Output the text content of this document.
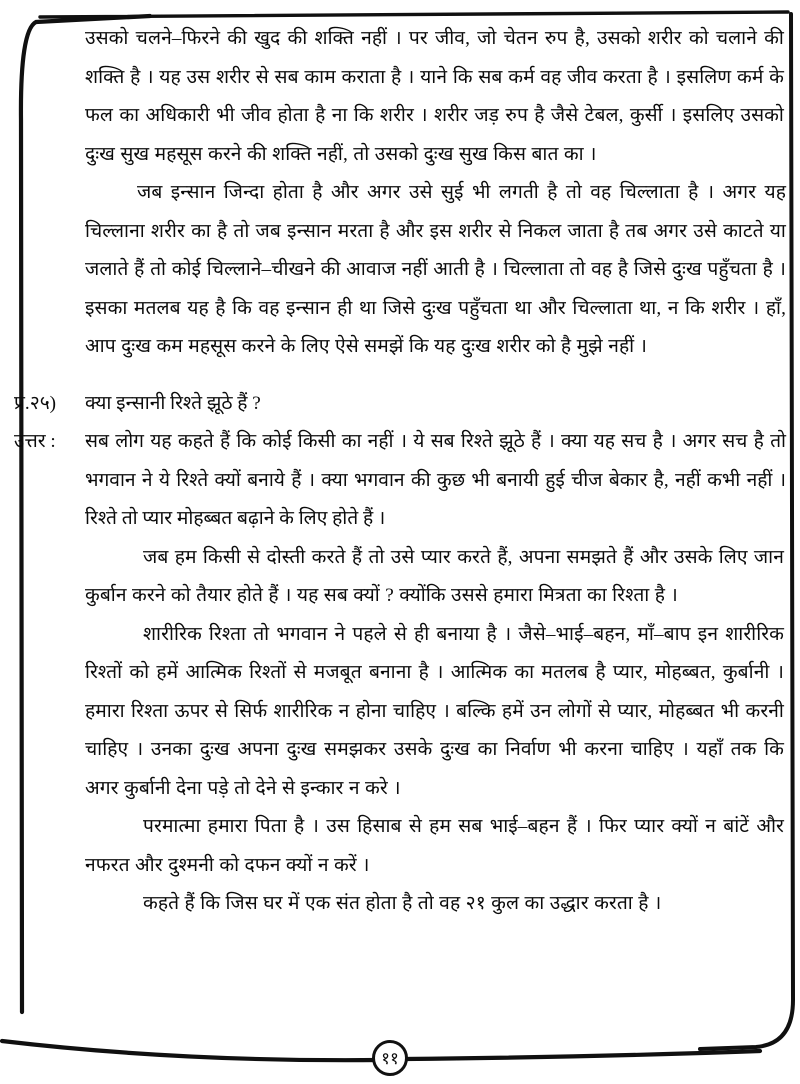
उसको चलने–फिरने की खुद की शक्ति नहीं । पर जीव, जो चेतन रुप है, उसको शरीर को चलाने की शक्ति है । यह उस शरीर से सब काम कराता है । याने कि सब कर्म वह जीव करता है । इसलिण कर्म के फल का अधिकारी भी जीव होता है ना कि शरीर । शरीर जड़ रुप है जैसे टेबल, कुर्सी । इसलिए उसको दुःख सुख महसूस करने की शक्ति नहीं, तो उसको दुःख सुख किस बात का ।

जब इन्सान जिन्दा होता है और अगर उसे सुई भी लगती है तो वह चिल्लाता है । अगर यह चिल्लाना शरीर का है तो जब इन्सान मरता है और इस शरीर से निकल जाता है तब अगर उसे काटते या जलाते हैं तो कोई चिल्लाने–चीखने की आवाज नहीं आती है । चिल्लाता तो वह है जिसे दुःख पहुँचता है । इसका मतलब यह है कि वह इन्सान ही था जिसे दुःख पहुँचता था और चिल्लाता था, न कि शरीर । हाँ, आप दुःख कम महसूस करने के लिए ऐसे समझें कि यह दुःख शरीर को है मुझे नहीं ।

प्र.२५)	क्या इन्सानी रिश्ते झूठे हैं ?
उत्तर :	सब लोग यह कहते हैं कि कोई किसी का नहीं । ये सब रिश्ते झूठे हैं । क्या यह सच है । अगर सच है तो भगवान ने ये रिश्ते क्यों बनाये हैं । क्या भगवान की कुछ भी बनायी हुई चीज बेकार है, नहीं कभी नहीं । रिश्ते तो प्यार मोहब्बत बढ़ाने के लिए होते हैं ।

जब हम किसी से दोस्ती करते हैं तो उसे प्यार करते हैं, अपना समझते हैं और उसके लिए जान कुर्बान करने को तैयार होते हैं । यह सब क्यों ? क्योंकि उससे हमारा मित्रता का रिश्ता है ।

शारीरिक रिश्ता तो भगवान ने पहले से ही बनाया है । जैसे–भाई–बहन, माँ–बाप इन शारीरिक रिश्तों को हमें आत्मिक रिश्तों से मजबूत बनाना है । आत्मिक का मतलब है प्यार, मोहब्बत, कुर्बानी । हमारा रिश्ता ऊपर से सिर्फ शारीरिक न होना चाहिए । बल्कि हमें उन लोगों से प्यार, मोहब्बत भी करनी चाहिए । उनका दुःख अपना दुःख समझकर उसके दुःख का निर्वाण भी करना चाहिए । यहाँ तक कि अगर कुर्बानी देना पड़े तो देने से इन्कार न करे ।

परमात्मा हमारा पिता है । उस हिसाब से हम सब भाई–बहन हैं । फिर प्यार क्यों न बांटें और नफरत और दुश्मनी को दफन क्यों न करें ।

कहते हैं कि जिस घर में एक संत होता है तो वह २१ कुल का उद्धार करता है ।

११
